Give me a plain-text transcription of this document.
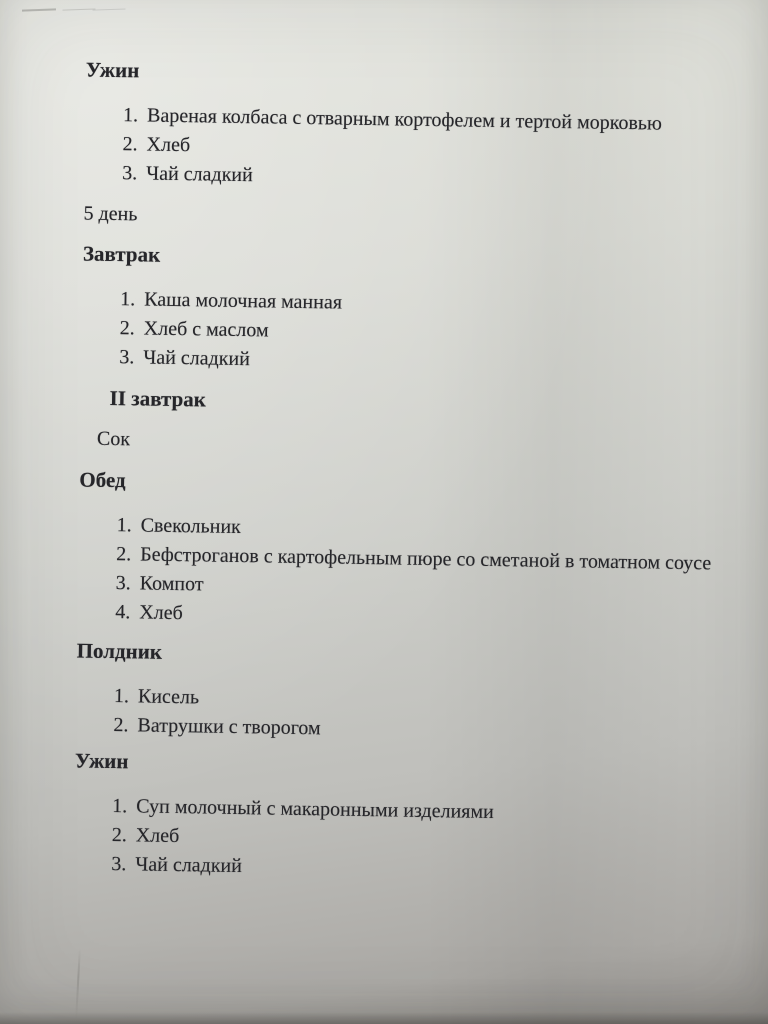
Ужин
1. Вареная колбаса с отварным кортофелем и тертой морковью
2. Хлеб
3. Чай сладкий
5 день
Завтрак
1. Каша молочная манная
2. Хлеб с маслом
3. Чай сладкий
II завтрак
Сок
Обед
1. Свекольник
2. Бефстроганов с картофельным пюре со сметаной в томатном соусе
3. Компот
4. Хлеб
Полдник
1. Кисель
2. Ватрушки с творогом
Ужин
1. Суп молочный с макаронными изделиями
2. Хлеб
3. Чай сладкий
